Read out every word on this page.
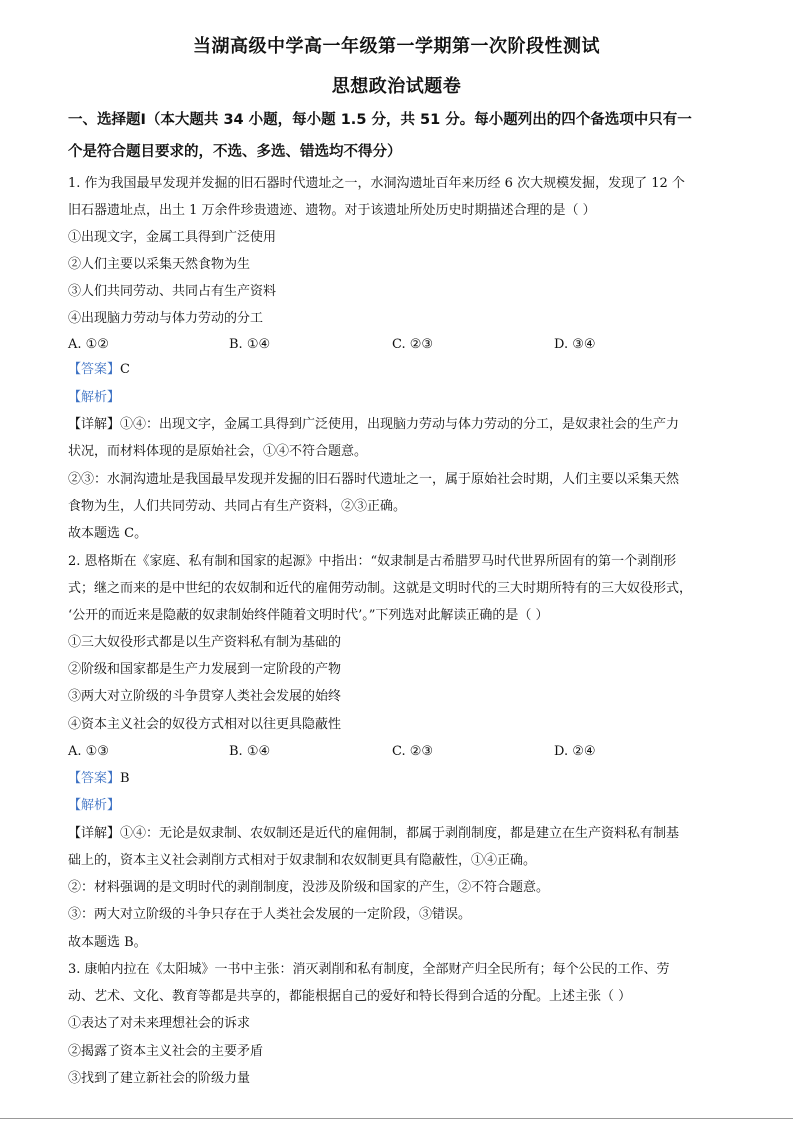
当湖高级中学高一年级第一学期第一次阶段性测试
思想政治试题卷
一、选择题Ⅰ（本大题共 34 小题，每小题 1.5 分，共 51 分。每小题列出的四个备选项中只有一
个是符合题目要求的，不选、多选、错选均不得分）
1. 作为我国最早发现并发掘的旧石器时代遗址之一，水洞沟遗址百年来历经 6 次大规模发掘，发现了 12 个
旧石器遗址点，出土 1 万余件珍贵遗迹、遗物。对于该遗址所处历史时期描述合理的是（ ）
①出现文字，金属工具得到广泛使用
②人们主要以采集天然食物为生
③人们共同劳动、共同占有生产资料
④出现脑力劳动与体力劳动的分工
A. ①②	B. ①④	C. ②③	D. ③④
【答案】C
【解析】
【详解】①④：出现文字，金属工具得到广泛使用，出现脑力劳动与体力劳动的分工，是奴隶社会的生产力
状况，而材料体现的是原始社会，①④不符合题意。
②③：水洞沟遗址是我国最早发现并发掘的旧石器时代遗址之一，属于原始社会时期，人们主要以采集天然
食物为生，人们共同劳动、共同占有生产资料，②③正确。
故本题选 C。
2. 恩格斯在《家庭、私有制和国家的起源》中指出：“奴隶制是古希腊罗马时代世界所固有的第一个剥削形
式；继之而来的是中世纪的农奴制和近代的雇佣劳动制。这就是文明时代的三大时期所特有的三大奴役形式，
‘公开的而近来是隐蔽的奴隶制始终伴随着文明时代’。”下列选对此解读正确的是（ ）
①三大奴役形式都是以生产资料私有制为基础的
②阶级和国家都是生产力发展到一定阶段的产物
③两大对立阶级的斗争贯穿人类社会发展的始终
④资本主义社会的奴役方式相对以往更具隐蔽性
A. ①③	B. ①④	C. ②③	D. ②④
【答案】B
【解析】
【详解】①④：无论是奴隶制、农奴制还是近代的雇佣制，都属于剥削制度，都是建立在生产资料私有制基
础上的，资本主义社会剥削方式相对于奴隶制和农奴制更具有隐蔽性，①④正确。
②：材料强调的是文明时代的剥削制度，没涉及阶级和国家的产生，②不符合题意。
③：两大对立阶级的斗争只存在于人类社会发展的一定阶段，③错误。
故本题选 B。
3. 康帕内拉在《太阳城》一书中主张：消灭剥削和私有制度，全部财产归全民所有；每个公民的工作、劳
动、艺术、文化、教育等都是共享的，都能根据自己的爱好和特长得到合适的分配。上述主张（ ）
①表达了对未来理想社会的诉求
②揭露了资本主义社会的主要矛盾
③找到了建立新社会的阶级力量
